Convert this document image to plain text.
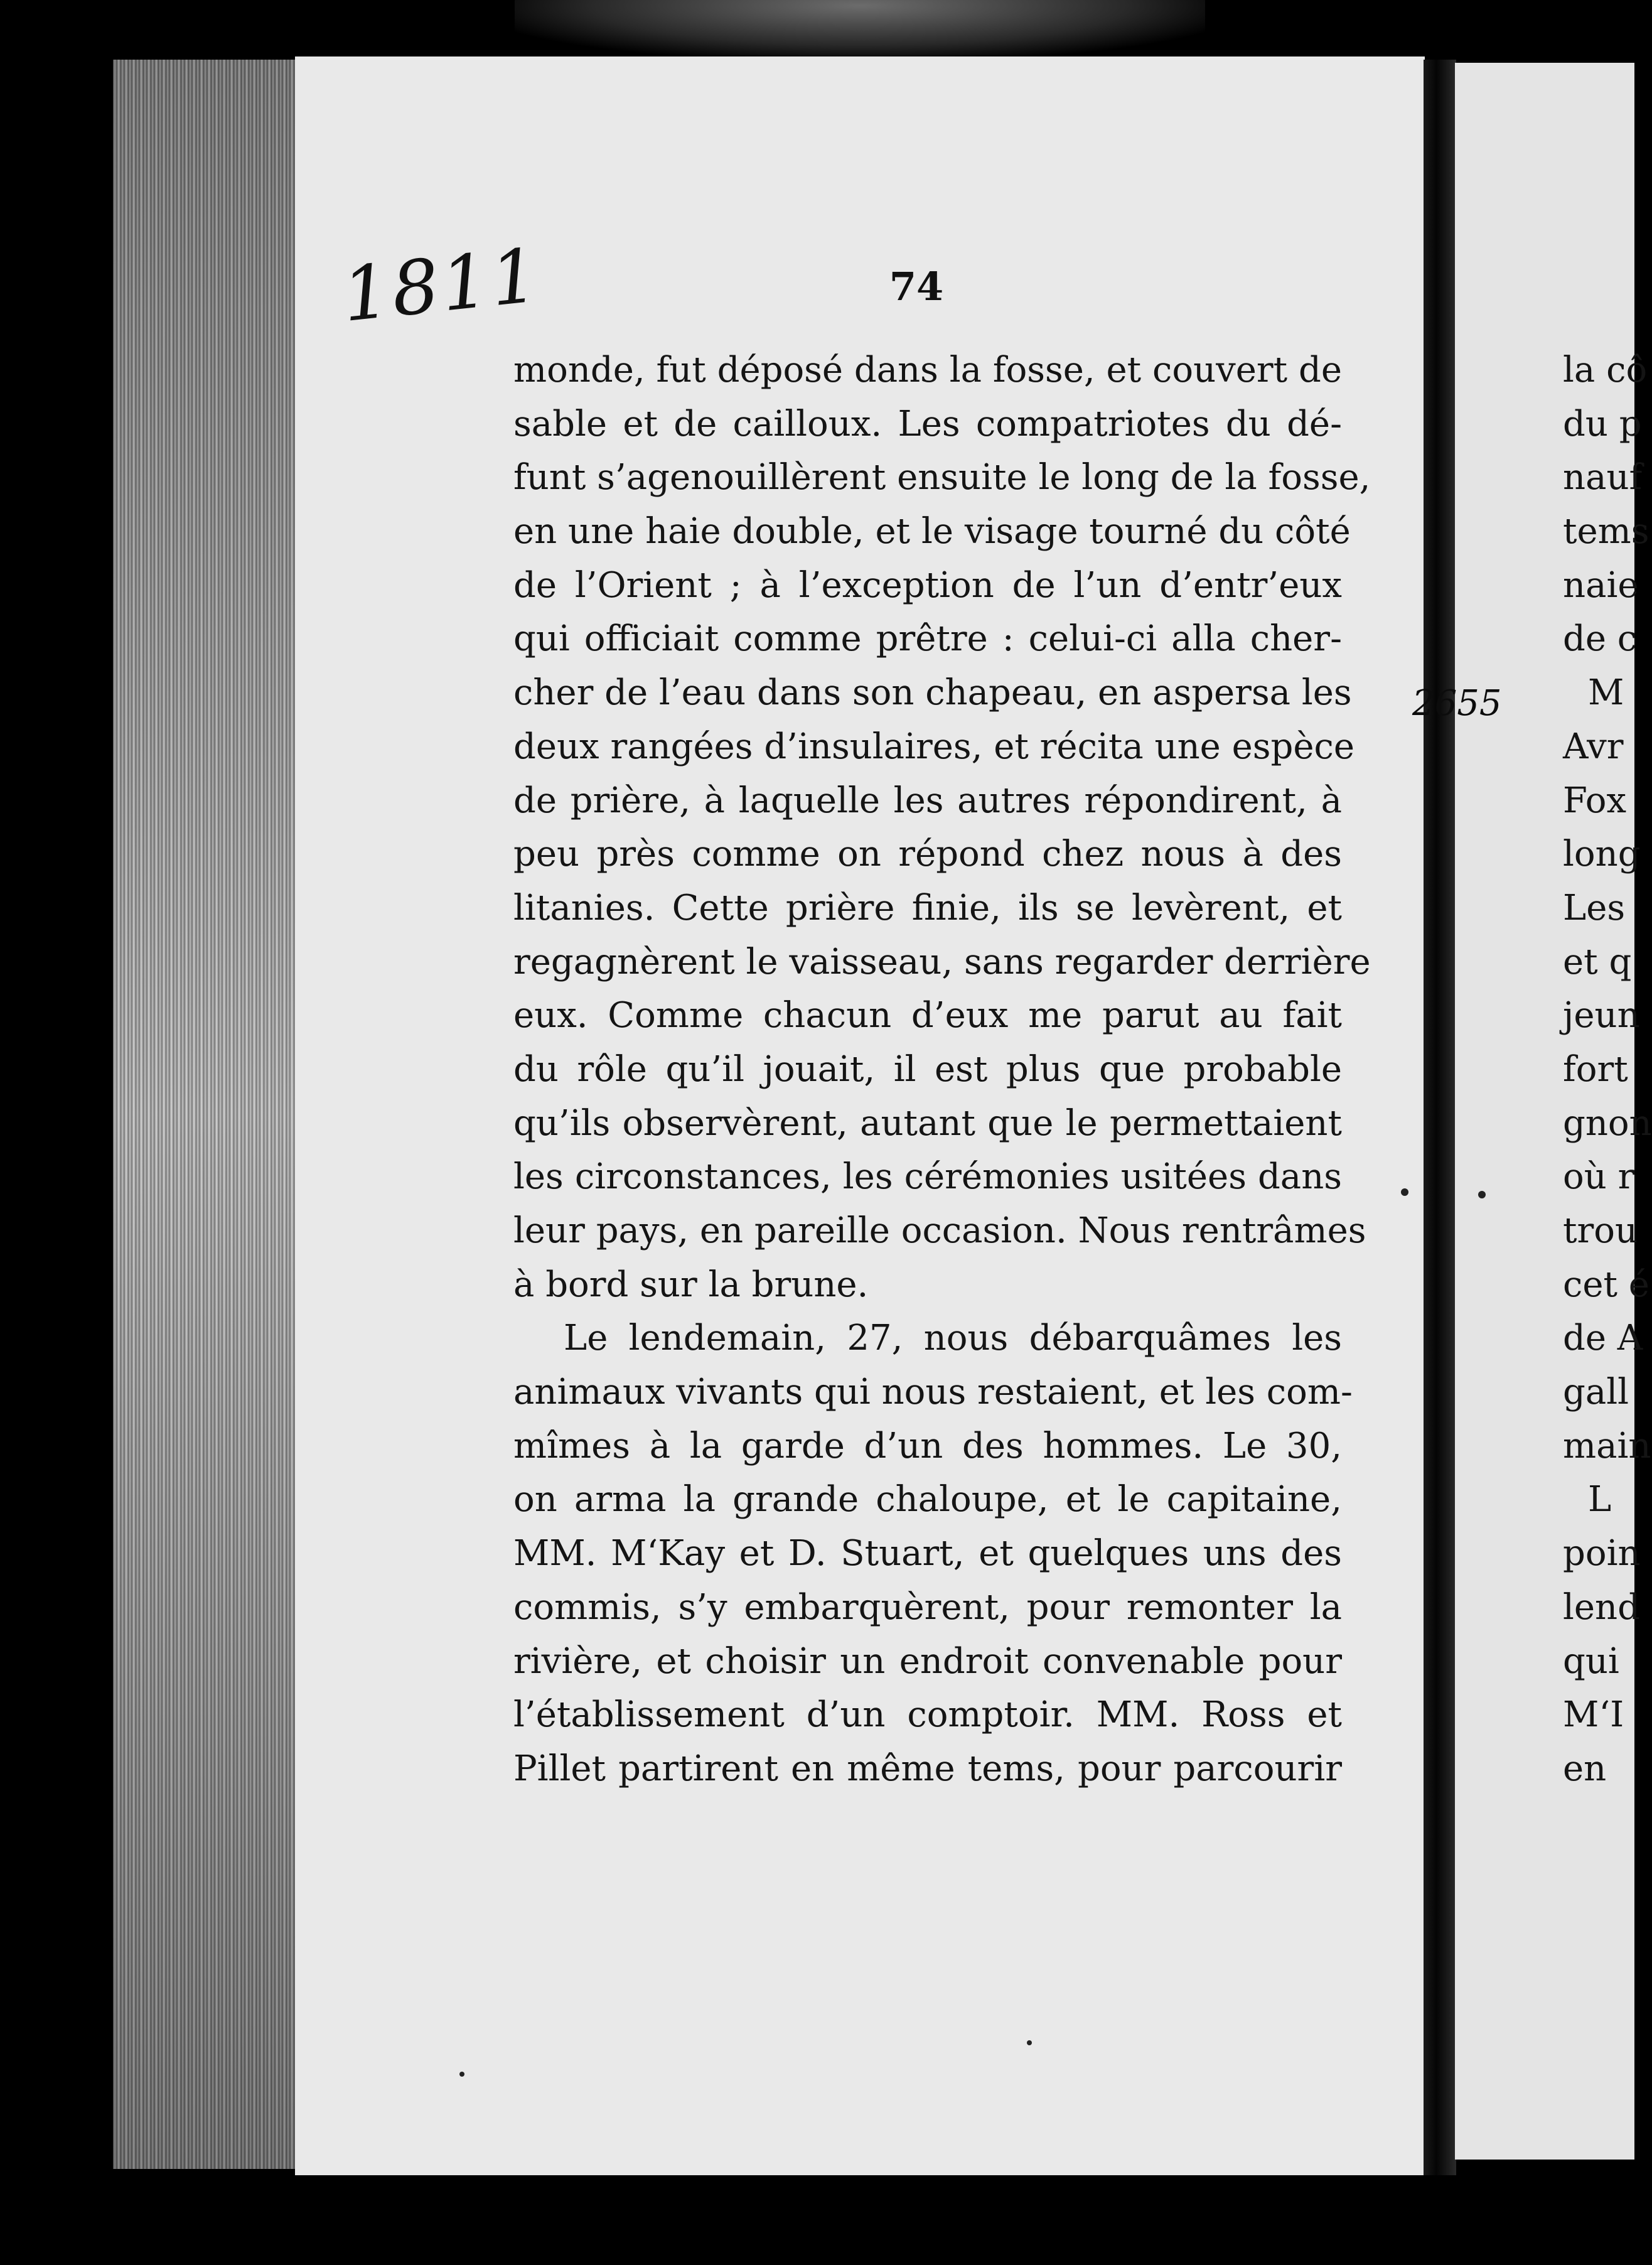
1811	74
monde, fut déposé dans la fosse, et couvert de
sable et de cailloux. Les compatriotes du dé-
funt s’agenouillèrent ensuite le long de la fosse,
en une haie double, et le visage tourné du côté
de l’Orient ; à l’exception de l’un d’entr’eux
qui officiait comme prêtre : celui-ci alla cher-
cher de l’eau dans son chapeau, en aspersa les
deux rangées d’insulaires, et récita une espèce
de prière, à laquelle les autres répondirent, à
peu près comme on répond chez nous à des
litanies. Cette prière finie, ils se levèrent, et
regagnèrent le vaisseau, sans regarder derrière
eux. Comme chacun d’eux me parut au fait
du rôle qu’il jouait, il est plus que probable
qu’ils observèrent, autant que le permettaient
les circonstances, les cérémonies usitées dans
leur pays, en pareille occasion. Nous rentrâmes
à bord sur la brune.
Le lendemain, 27, nous débarquâmes les
animaux vivants qui nous restaient, et les com-
mîmes à la garde d’un des hommes. Le 30,
on arma la grande chaloupe, et le capitaine,
MM. M‘Kay et D. Stuart, et quelques uns des
commis, s’y embarquèrent, pour remonter la
rivière, et choisir un endroit convenable pour
l’établissement d’un comptoir. MM. Ross et
Pillet partirent en même tems, pour parcourir
2655
la cô
du p
nauf
tems
naie
de c
M
Avr
Fox
long
Les
et q
jeun
fort
gnon
où r
trou
cet é
de A
gall
main
L
poin
lend
qui
M‘I
en
